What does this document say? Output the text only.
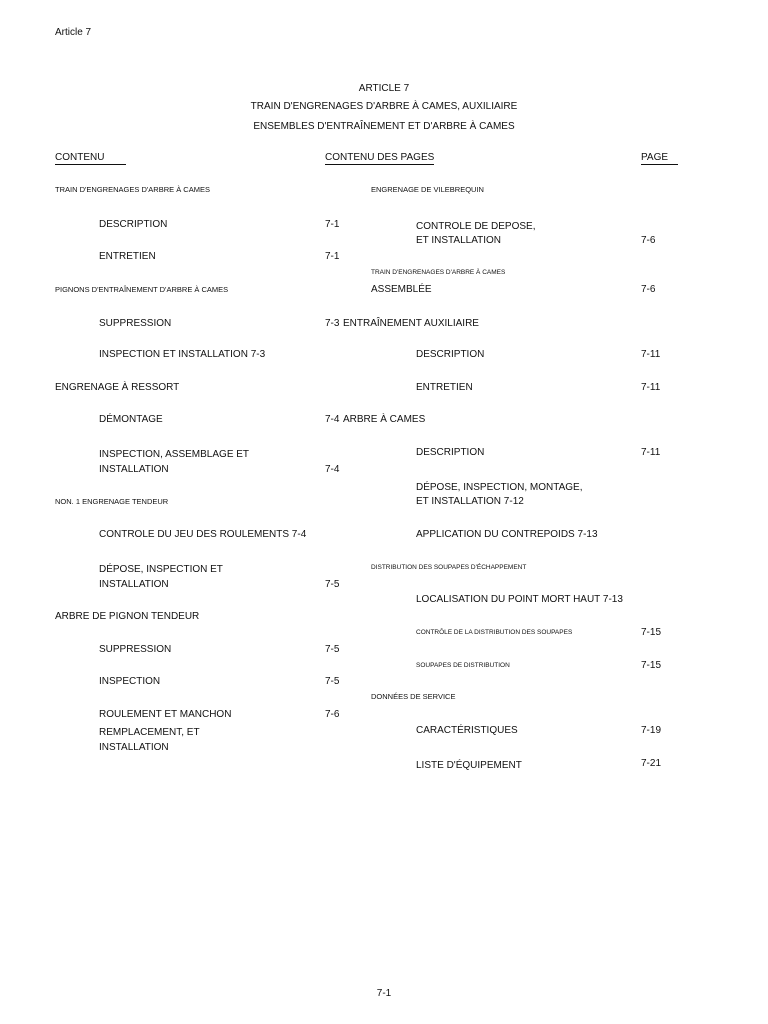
Article 7
ARTICLE 7
TRAIN D'ENGRENAGES D'ARBRE À CAMES, AUXILIAIRE
ENSEMBLES D'ENTRAÎNEMENT ET D'ARBRE À CAMES
CONTENU	CONTENU DES PAGES	PAGE
TRAIN D'ENGRENAGES D'ARBRE À CAMES
DESCRIPTION	7-1
ENTRETIEN	7-1
PIGNONS D'ENTRAÎNEMENT D'ARBRE À CAMES
SUPPRESSION	7-3
INSPECTION ET INSTALLATION 7-3
ENGRENAGE À RESSORT
DÉMONTAGE	7-4
INSPECTION, ASSEMBLAGE ET
INSTALLATION	7-4
NON. 1 ENGRENAGE TENDEUR
CONTROLE DU JEU DES ROULEMENTS 7-4
DÉPOSE, INSPECTION ET
INSTALLATION	7-5
ARBRE DE PIGNON TENDEUR
SUPPRESSION	7-5
INSPECTION	7-5
ROULEMENT ET MANCHON	7-6
REMPLACEMENT, ET
INSTALLATION
ENGRENAGE DE VILEBREQUIN
CONTROLE DE DEPOSE,
ET INSTALLATION	7-6
TRAIN D'ENGRENAGES D'ARBRE À CAMES
ASSEMBLÉE	7-6
ENTRAÎNEMENT AUXILIAIRE
DESCRIPTION	7-11
ENTRETIEN	7-11
ARBRE À CAMES
DESCRIPTION	7-11
DÉPOSE, INSPECTION, MONTAGE,
ET INSTALLATION 7-12
APPLICATION DU CONTREPOIDS 7-13
DISTRIBUTION DES SOUPAPES D'ÉCHAPPEMENT
LOCALISATION DU POINT MORT HAUT 7-13
CONTRÔLE DE LA DISTRIBUTION DES SOUPAPES	7-15
SOUPAPES DE DISTRIBUTION	7-15
DONNÉES DE SERVICE
CARACTÉRISTIQUES	7-19
LISTE D'ÉQUIPEMENT	7-21
7-1
